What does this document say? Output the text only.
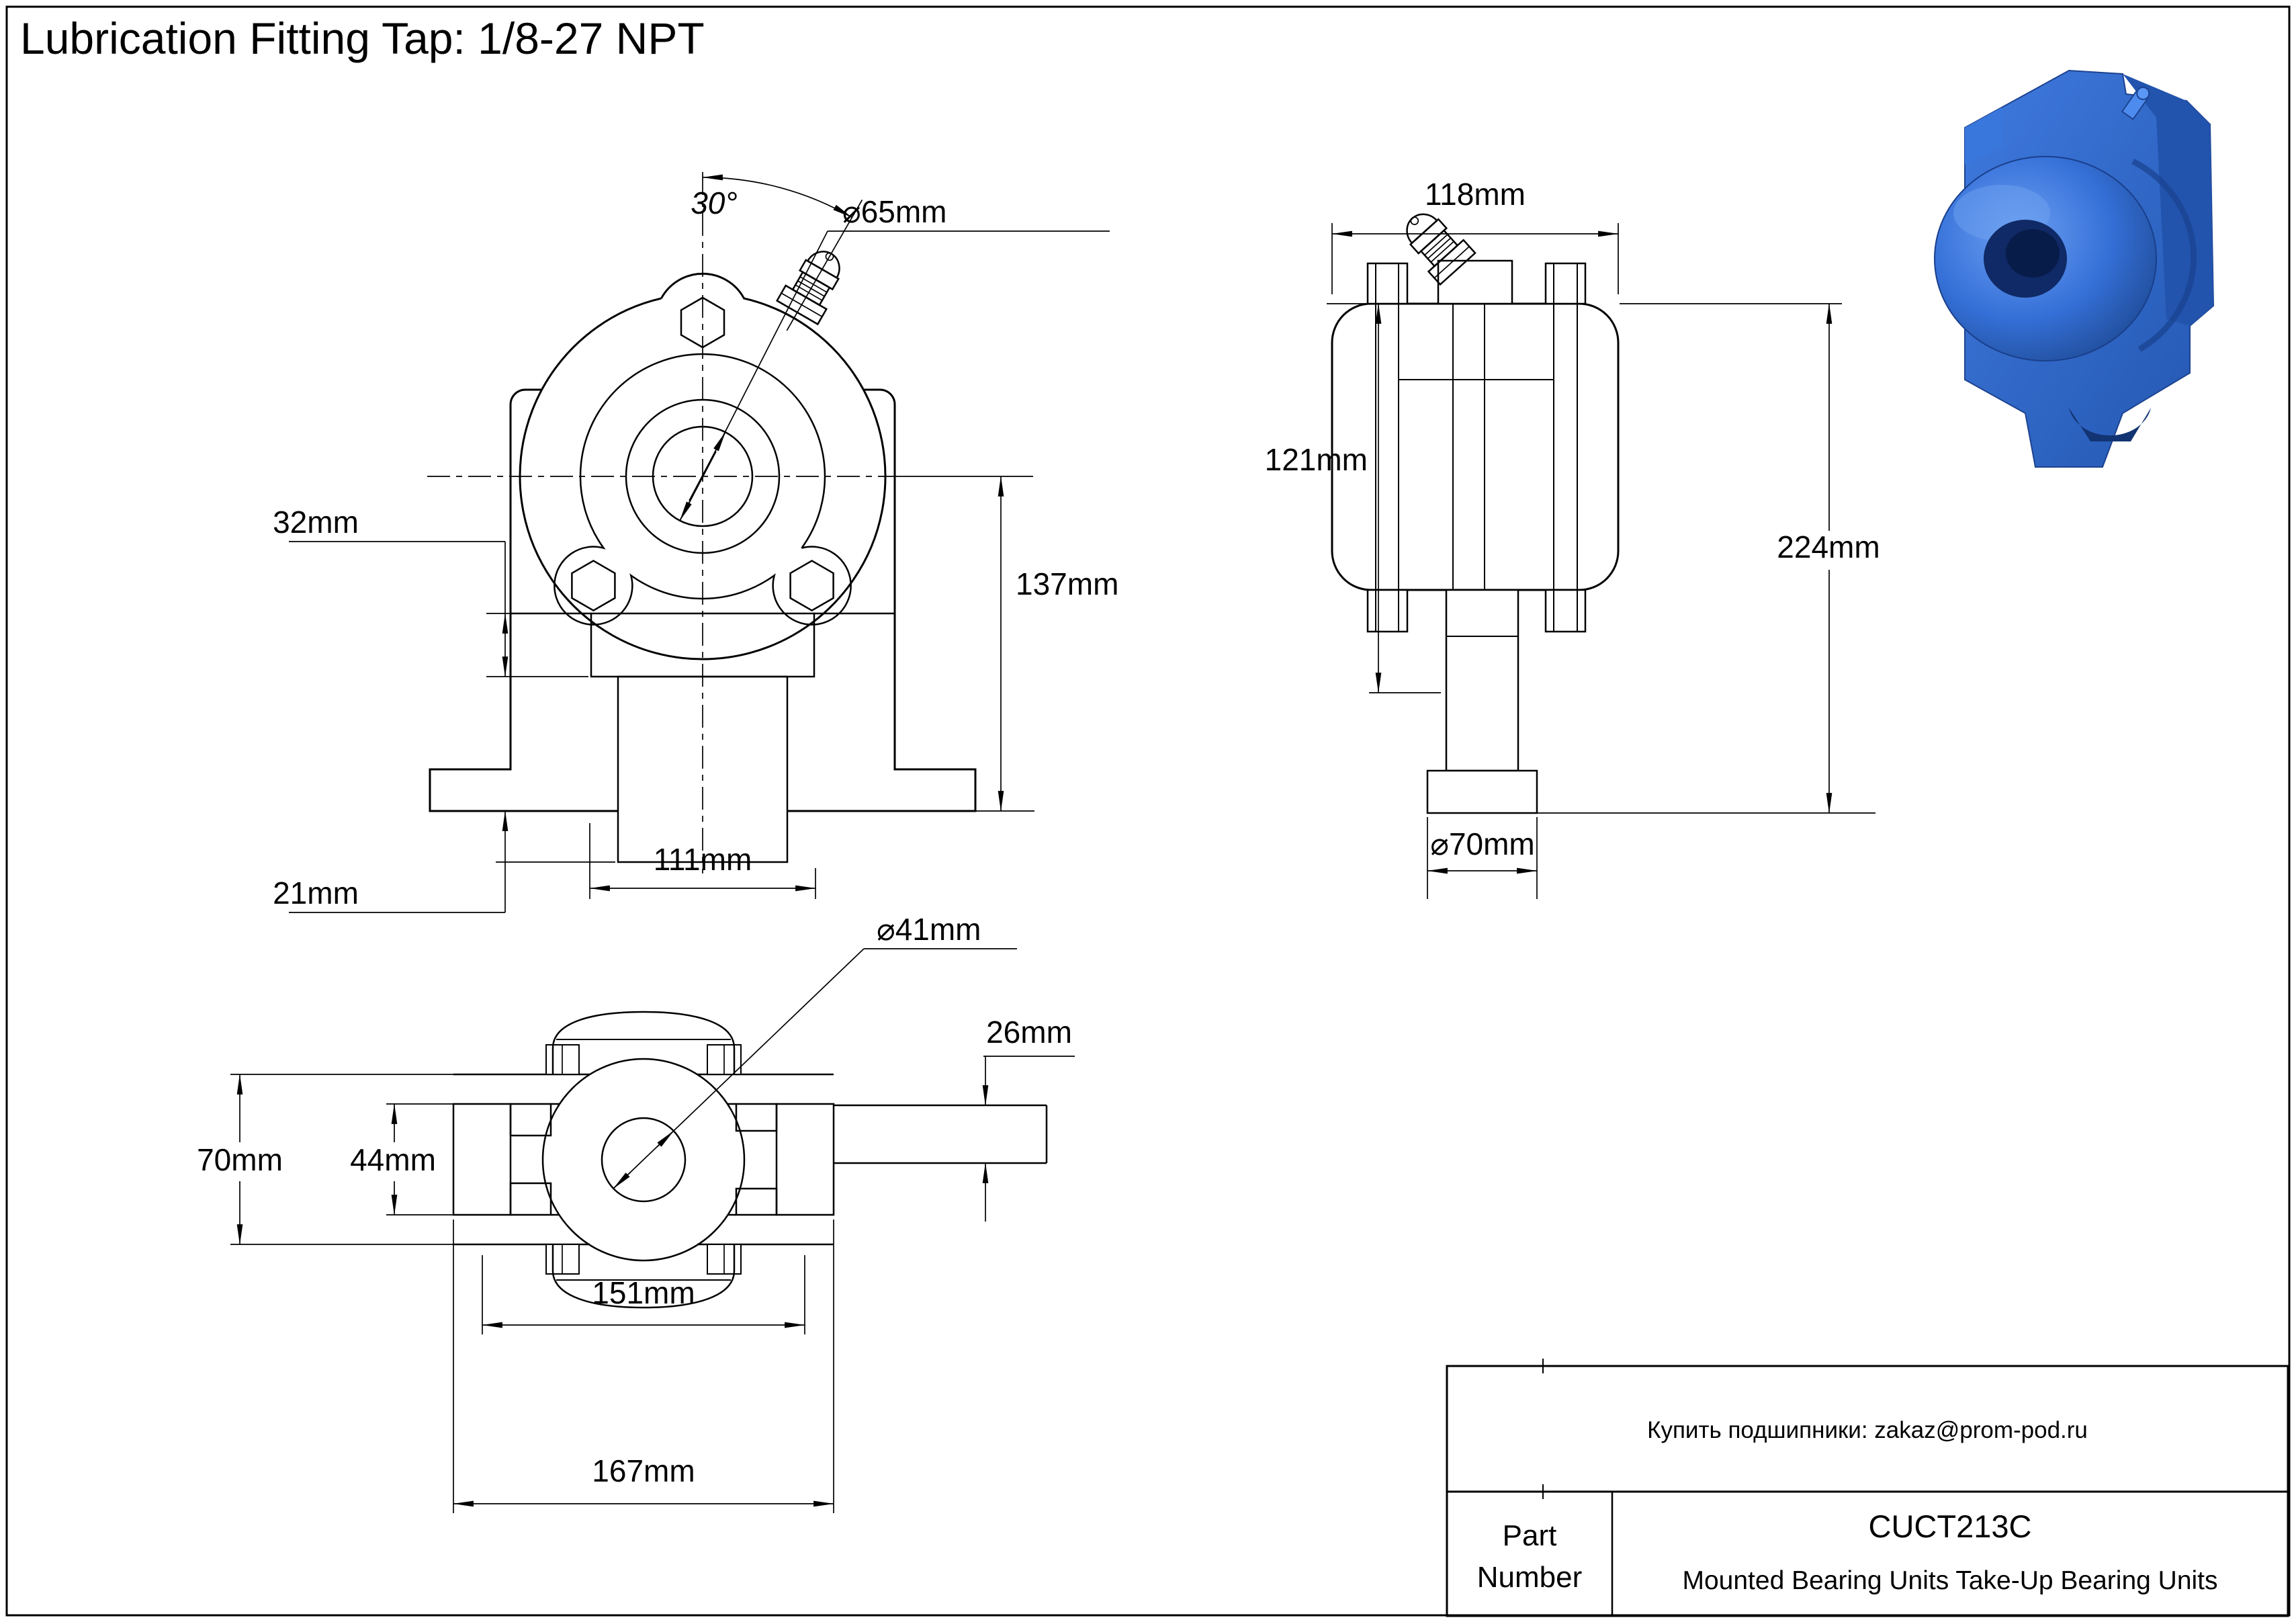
Lubrication Fitting Tap: 1/8-27 NPT
30°	⌀65mm
32mm
21mm
137mm
111mm
118mm
121mm
224mm
⌀70mm
⌀41mm
70mm 44mm
26mm
151mm
167mm
Купить подшипники: zakaz@prom-pod.ru
Part
Number
CUCT213C
Mounted Bearing Units Take-Up Bearing Units
